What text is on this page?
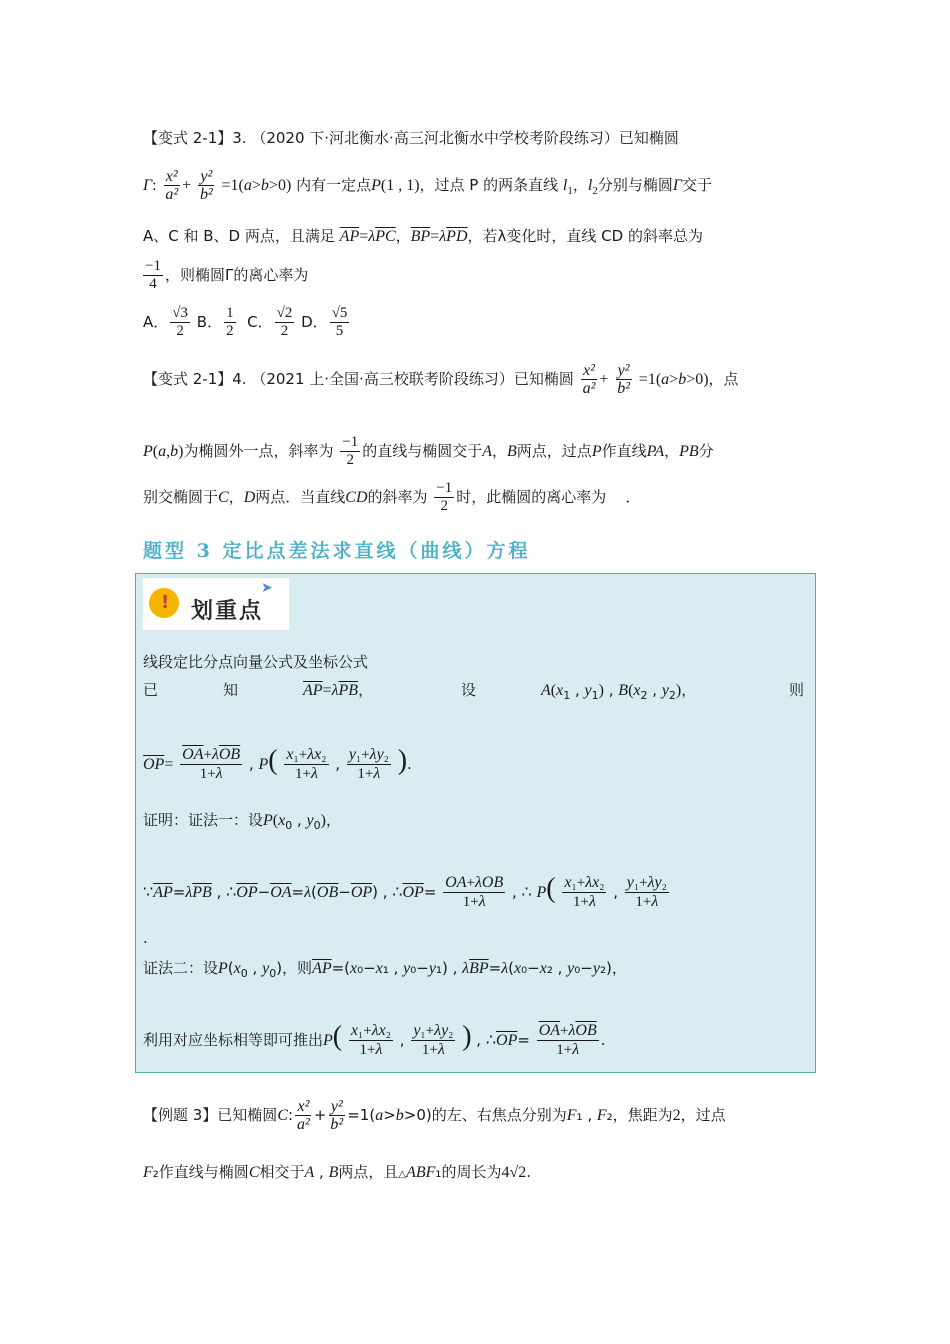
【变式 2-1】3. （2020 下·河北衡水·高三河北衡水中学校考阶段练习）已知椭圆
Γ: $\frac{\text{x²}}{\text{a²}} + \frac{\text{y²}}{\text{b²}} =1(a>b>0)$ 内有一定点P(1 , 1)，过点 P 的两条直线 $l_1$，$l_2$分别与椭圆Γ交于
A、C 和 B、D 两点，且满足 $\overline{AP}=\lambda\overline{PC}$，$\overline{BP}=\lambda\overline{PD}$，若λ变化时，直线 CD 的斜率总为
$\frac{-1}{4}$ ，则椭圆Γ的离心率为
A． $\frac{√3}{2}$ B． $\frac{1}{2}$ C． $\frac{√2}{2}$ D． $\frac{√5}{5}$
【变式 2-1】4. （2021 上·全国·高三校联考阶段练习）已知椭圆 $\frac{\text{x²}}{\text{a²}} + \frac{\text{y²}}{\text{b²}} =1(a>b>0)$，点
P(a,b)为椭圆外一点，斜率为 $\frac{-1}{2}$ 的直线与椭圆交于A，B两点，过点P作直线PA，PB分
别交椭圆于C，D两点．当直线CD的斜率为 $\frac{-1}{2}$ 时，此椭圆的离心率为 ．
题型 3 定比点差法求直线（曲线）方程
!
➤
划重点
线段定比分点向量公式及坐标公式
已	知	$\overline{AP}=\lambda\overline{PB}$，	设	$A(x_1$ , $y_1$) , $B(x_2$ , $y_2$)，	则
$\overline{OP}= \frac{\overline{OA}+\lambda\overline{OB}}{1+\lambda}$ , $P( \frac{\text{x₁+λx₂}}{1+\lambda}$ , $\frac{\text{y₁+λy₂}}{1+\lambda}$ ).
证明：证法一：设$P(x_0$ , $y_0$)，
$\because\overline{AP}=\lambda\overline{PB}$ , $\therefore\overline{OP}-\overline{OA}=\lambda(\overline{OB}-\overline{OP})$ , $\therefore\overline{OP}= \frac{\overline{OA}+\lambda\overline{OB}}{1+\lambda}$ , ∴ $P( \frac{\text{x₁+λx₂}}{1+\lambda}$ , $\frac{\text{y₁+λy₂}}{1+\lambda}$
.
证法二：设$P(x_0$ , $y_0$)，则$\overline{AP}=(x_0-x_1$ , y₀−y₁) , $\lambda\overline{BP}=\lambda(x_0-x_2$ , y₀−y₂)，
利用对应坐标相等即可推出$P( \frac{\text{x₁+λx₂}}{1+\lambda}$ , $\frac{\text{y₁+λy₂}}{1+\lambda}$ ) , $\therefore\overline{OP}= \frac{\overline{OA}+\lambda\overline{OB}}{1+\lambda}$ .
【例题 3】已知椭圆C: $\frac{\text{x²}}{\text{a²}} + \frac{\text{y²}}{\text{b²}} =1(a>b>0)$的左、右焦点分别为F₁ , F₂，焦距为2，过点
F₂作直线与椭圆C相交于A , B两点，且△ABF₁的周长为4√2.
